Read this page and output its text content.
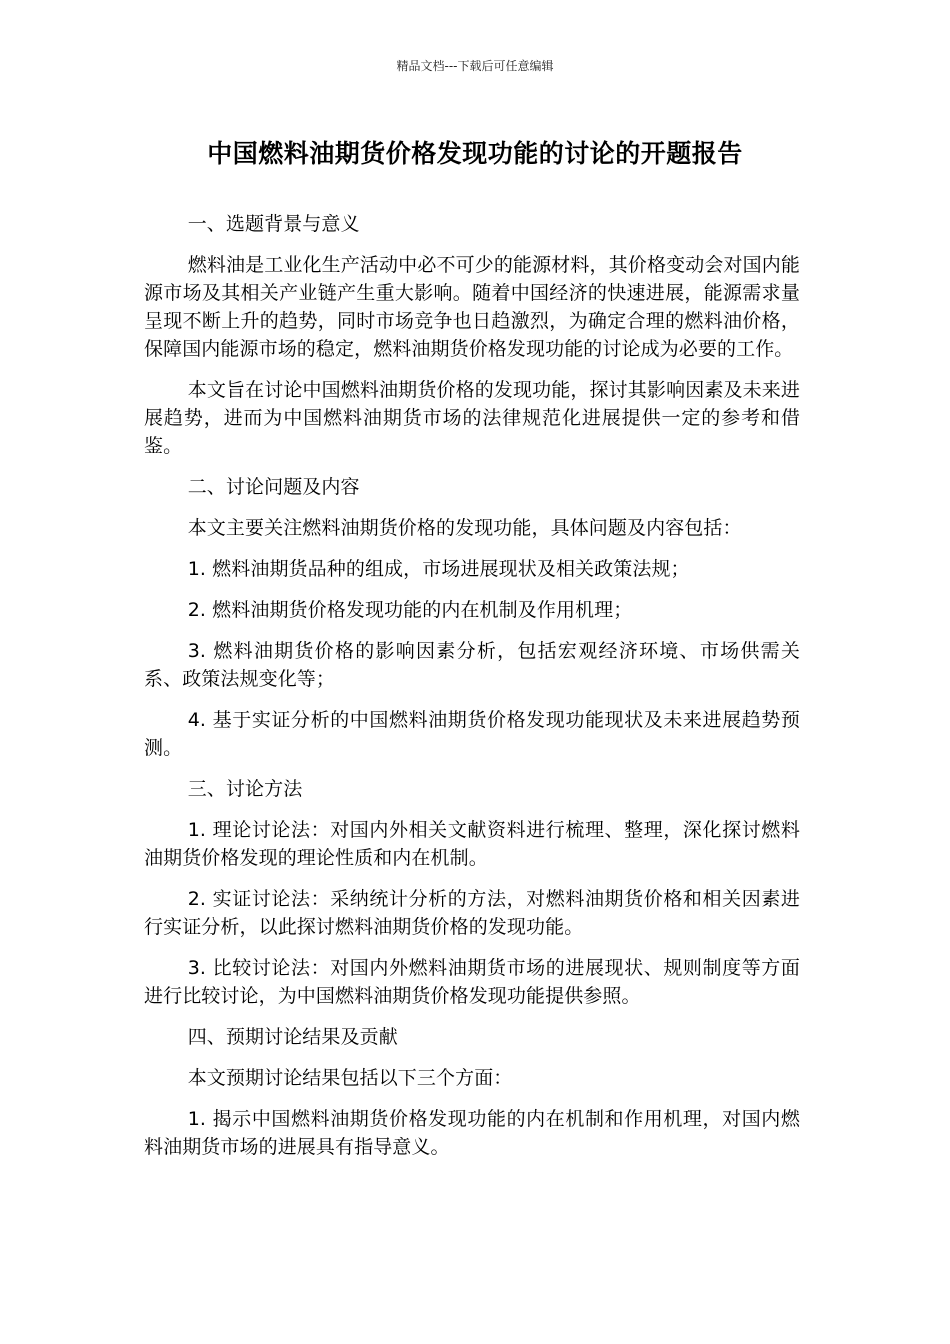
精品文档---下载后可任意编辑
中国燃料油期货价格发现功能的讨论的开题报告

一、选题背景与意义

燃料油是工业化生产活动中必不可少的能源材料，其价格变动会对国内能源市场及其相关产业链产生重大影响。随着中国经济的快速进展，能源需求量呈现不断上升的趋势，同时市场竞争也日趋激烈，为确定合理的燃料油价格，保障国内能源市场的稳定，燃料油期货价格发现功能的讨论成为必要的工作。

本文旨在讨论中国燃料油期货价格的发现功能，探讨其影响因素及未来进展趋势，进而为中国燃料油期货市场的法律规范化进展提供一定的参考和借鉴。

二、讨论问题及内容

本文主要关注燃料油期货价格的发现功能，具体问题及内容包括：

1. 燃料油期货品种的组成，市场进展现状及相关政策法规；

2. 燃料油期货价格发现功能的内在机制及作用机理；

3. 燃料油期货价格的影响因素分析，包括宏观经济环境、市场供需关系、政策法规变化等；

4. 基于实证分析的中国燃料油期货价格发现功能现状及未来进展趋势预测。

三、讨论方法

1. 理论讨论法：对国内外相关文献资料进行梳理、整理，深化探讨燃料油期货价格发现的理论性质和内在机制。

2. 实证讨论法：采纳统计分析的方法，对燃料油期货价格和相关因素进行实证分析，以此探讨燃料油期货价格的发现功能。

3. 比较讨论法：对国内外燃料油期货市场的进展现状、规则制度等方面进行比较讨论，为中国燃料油期货价格发现功能提供参照。

四、预期讨论结果及贡献

本文预期讨论结果包括以下三个方面：

1. 揭示中国燃料油期货价格发现功能的内在机制和作用机理，对国内燃料油期货市场的进展具有指导意义。
